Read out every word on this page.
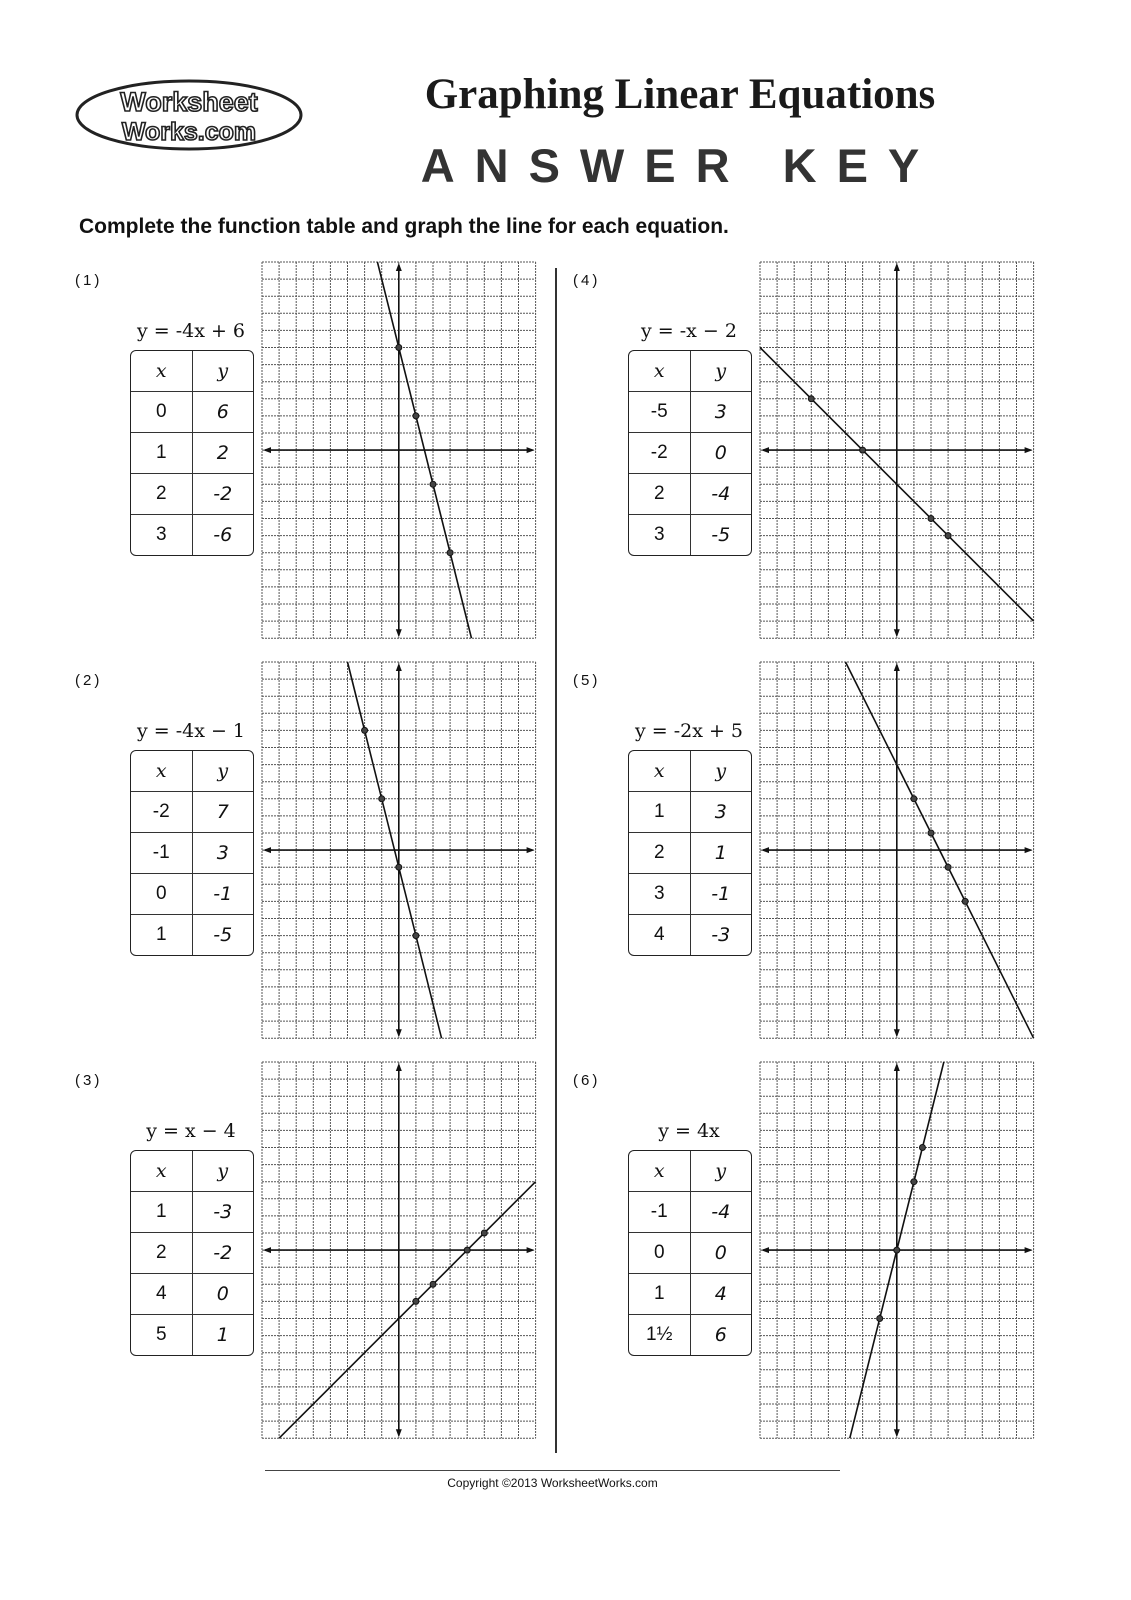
Worksheet
Works.com
Graphing Linear Equations
ANSWER KEY
Complete the function table and graph the line for each equation.
(1)
y = -4x + 6
x	y
0	6
1	2
2	-2
3	-6
(2)
y = -4x − 1
x	y
-2	7
-1	3
0	-1
1	-5
(3)
y = x − 4
x	y
1	-3
2	-2
4	0
5	1
(4)
y = -x − 2
x	y
-5	3
-2	0
2	-4
3	-5
(5)
y = -2x + 5
x	y
1	3
2	1
3	-1
4	-3
(6)
y = 4x
x	y
-1	-4
0	0
1	4
1½	6
Copyright ©2013 WorksheetWorks.com
